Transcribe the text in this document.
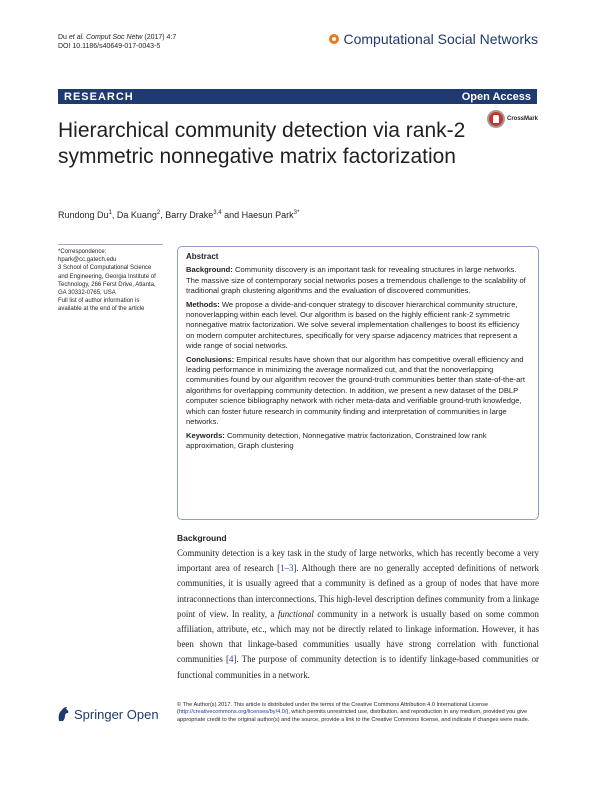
Du et al. Comput Soc Netw (2017) 4:7
DOI 10.1186/s40649-017-0043-5	Computational Social Networks
RESEARCH	Open Access
Hierarchical community detection via rank-2 symmetric nonnegative matrix factorization
CrossMark
Rundong Du$^1$, Da Kuang$^2$, Barry Drake$^{3,4}$ and Haesun Park$^{3*}$

*Correspondence:

hpark@cc.gatech.edu

3 School of Computational Science and Engineering, Georgia Institute of Technology, 266 Ferst Drive, Atlanta, GA 30332-0765, USA

Full list of author information is available at the end of the article

Abstract

Background: Community discovery is an important task for revealing structures in large networks. The massive size of contemporary social networks poses a tremendous challenge to the scalability of traditional graph clustering algorithms and the evaluation of discovered communities.

Methods: We propose a divide-and-conquer strategy to discover hierarchical community structure, nonoverlapping within each level. Our algorithm is based on the highly efficient rank-2 symmetric nonnegative matrix factorization. We solve several implementation challenges to boost its efficiency on modern computer architectures, specifically for very sparse adjacency matrices that represent a wide range of social networks.

Conclusions: Empirical results have shown that our algorithm has competitive overall efficiency and leading performance in minimizing the average normalized cut, and that the nonoverlapping communities found by our algorithm recover the ground-truth communities better than state-of-the-art algorithms for overlapping community detection. In addition, we present a new dataset of the DBLP computer science bibliography network with richer meta-data and verifiable ground-truth knowledge, which can foster future research in community finding and interpretation of communities in large networks.

Keywords: Community detection, Nonnegative matrix factorization, Constrained low rank approximation, Graph clustering

Background
Community detection is a key task in the study of large networks, which has recently become a very important area of research [1–3]. Although there are no generally accepted definitions of network communities, it is usually agreed that a community is defined as a group of nodes that have more intraconnections than interconnections. This high-level description defines community from a linkage point of view. In reality, a functional community in a network is usually based on some common affiliation, attribute, etc., which may not be directly related to linkage information. However, it has been shown that linkage-based communities usually have strong correlation with functional communities [4]. The purpose of community detection is to identify linkage-based communities or functional communities in a network.
Springer Open
© The Author(s) 2017. This article is distributed under the terms of the Creative Commons Attribution 4.0 International License (http://creativecommons.org/licenses/by/4.0/), which permits unrestricted use, distribution, and reproduction in any medium, provided you give appropriate credit to the original author(s) and the source, provide a link to the Creative Commons license, and indicate if changes were made.
